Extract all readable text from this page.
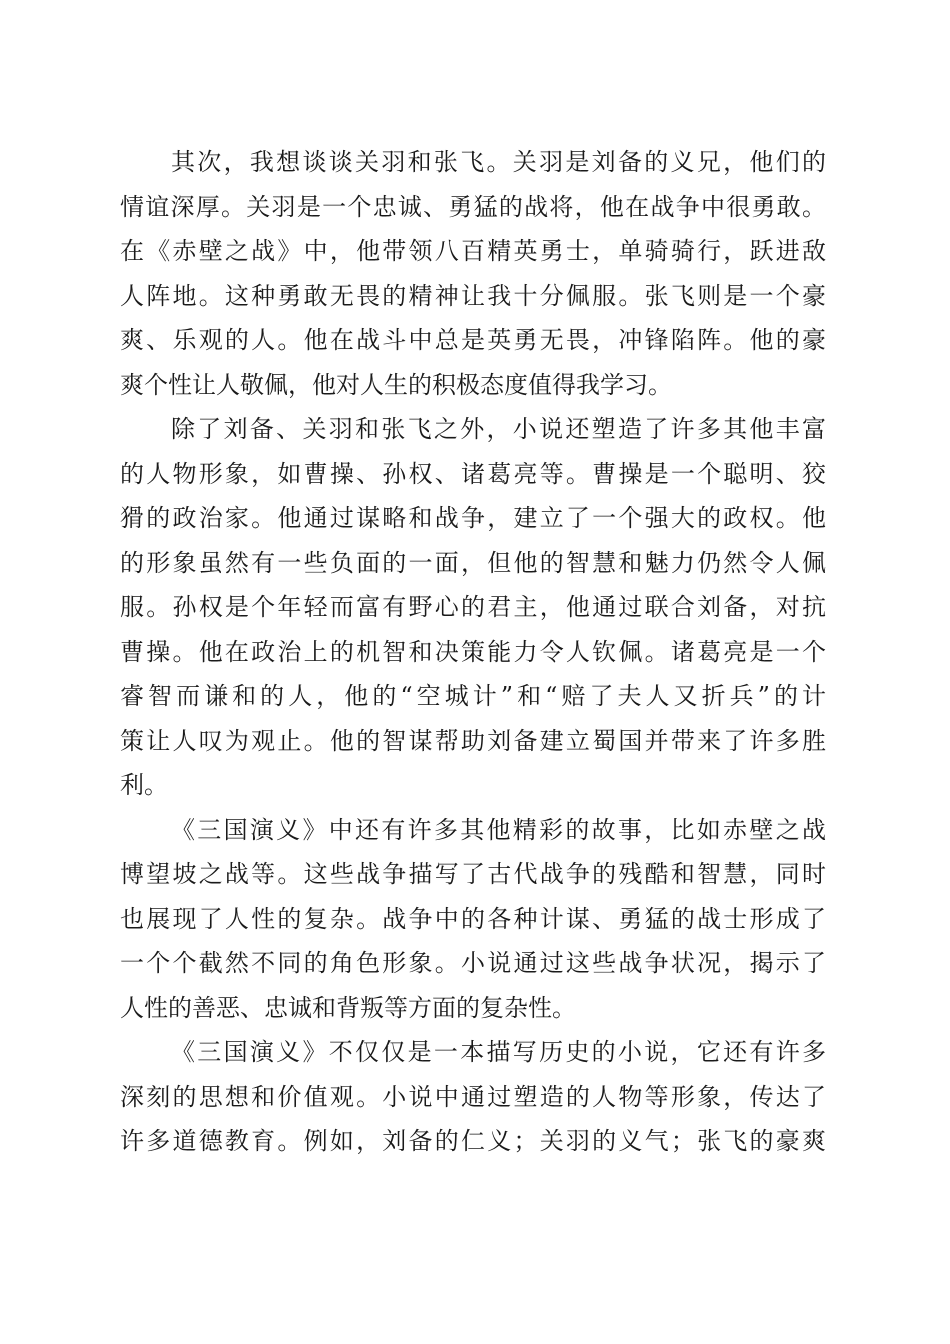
其次，我想谈谈关羽和张飞。关羽是刘备的义兄，他们的
情谊深厚。关羽是一个忠诚、勇猛的战将，他在战争中很勇敢。
在《赤壁之战》中，他带领八百精英勇士，单骑骑行，跃进敌
人阵地。这种勇敢无畏的精神让我十分佩服。张飞则是一个豪
爽、乐观的人。他在战斗中总是英勇无畏，冲锋陷阵。他的豪
爽个性让人敬佩，他对人生的积极态度值得我学习。
除了刘备、关羽和张飞之外，小说还塑造了许多其他丰富
的人物形象，如曹操、孙权、诸葛亮等。曹操是一个聪明、狡
猾的政治家。他通过谋略和战争，建立了一个强大的政权。他
的形象虽然有一些负面的一面，但他的智慧和魅力仍然令人佩
服。孙权是个年轻而富有野心的君主，他通过联合刘备，对抗
曹操。他在政治上的机智和决策能力令人钦佩。诸葛亮是一个
睿智而谦和的人，他的“空城计”和“赔了夫人又折兵”的计
策让人叹为观止。他的智谋帮助刘备建立蜀国并带来了许多胜
利。
《三国演义》中还有许多其他精彩的故事，比如赤壁之战
博望坡之战等。这些战争描写了古代战争的残酷和智慧，同时
也展现了人性的复杂。战争中的各种计谋、勇猛的战士形成了
一个个截然不同的角色形象。小说通过这些战争状况，揭示了
人性的善恶、忠诚和背叛等方面的复杂性。
《三国演义》不仅仅是一本描写历史的小说，它还有许多
深刻的思想和价值观。小说中通过塑造的人物等形象，传达了
许多道德教育。例如，刘备的仁义；关羽的义气；张飞的豪爽
